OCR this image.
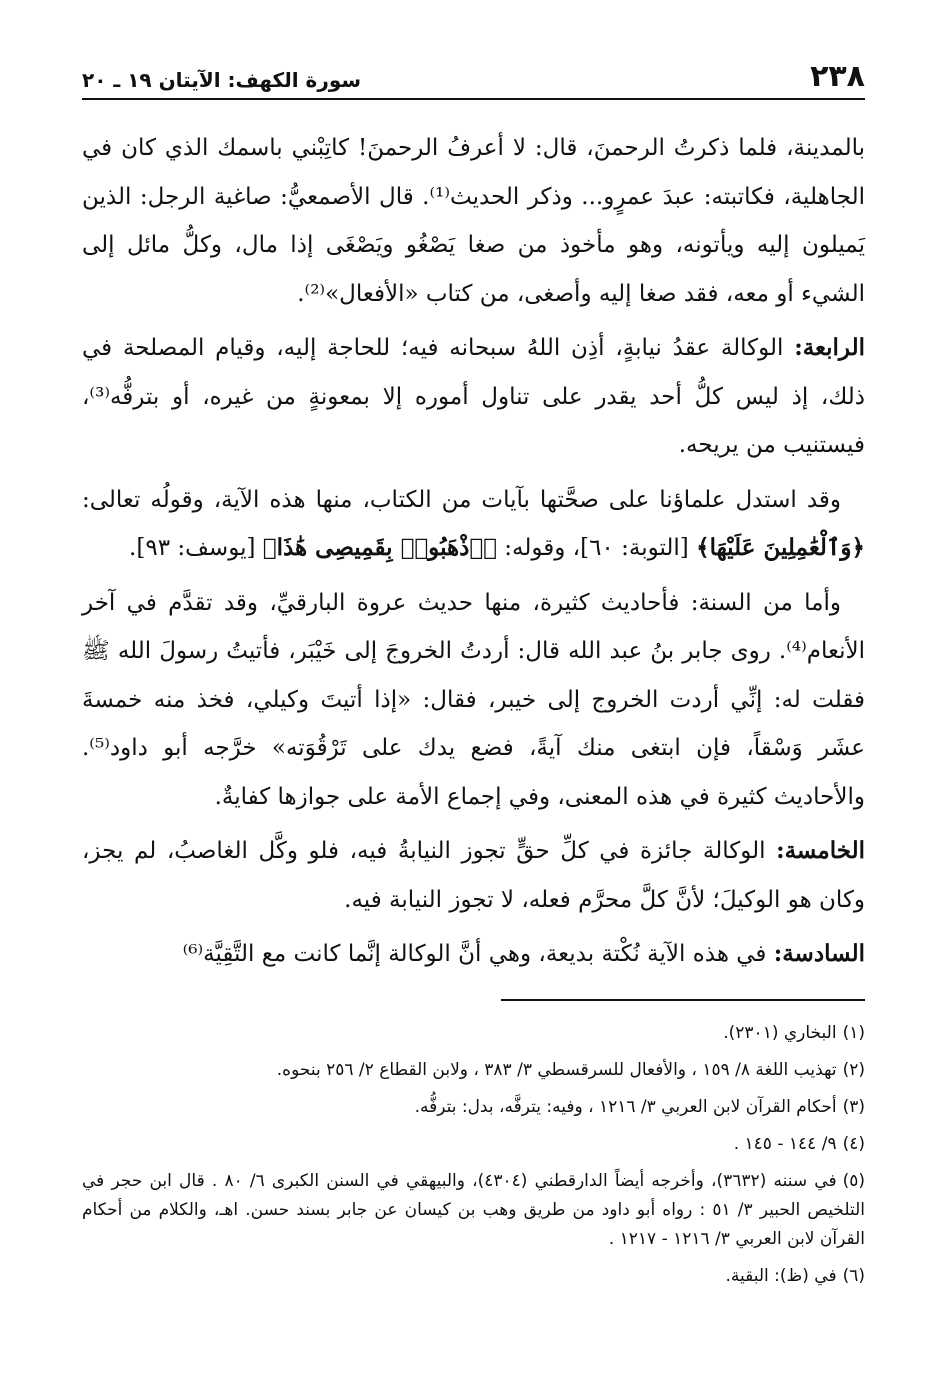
٢٣٨
سورة الكهف: الآيتان ١٩ ـ ٢٠

بالمدينة، فلما ذكرتُ الرحمنَ، قال: لا أعرفُ الرحمنَ! كاتِبْني باسمك الذي كان في الجاهلية، فكاتبته: عبدَ عمرٍو... وذكر الحديث⁽¹⁾. قال الأصمعيُّ: صاغية الرجل: الذين يَميلون إليه ويأتونه، وهو مأخوذ من صغا يَصْغُو ويَصْغَى إذا مال، وكلُّ مائل إلى الشيء أو معه، فقد صغا إليه وأصغى، من كتاب «الأفعال»⁽²⁾.

الرابعة: الوكالة عقدُ نيابةٍ، أذِن اللهُ سبحانه فيه؛ للحاجة إليه، وقيام المصلحة في ذلك، إذ ليس كلُّ أحد يقدر على تناول أموره إلا بمعونةٍ من غيره، أو بترفُّه⁽³⁾، فيستنيب من يريحه.

وقد استدل علماؤنا على صحَّتها بآيات من الكتاب، منها هذه الآية، وقولُه تعالى: ﴿وَٱلْعَٰمِلِينَ عَلَيْهَا﴾ [التوبة: ٦٠]، وقوله: ﴿ٱذْهَبُوا۟ بِقَمِيصِى هَٰذَا﴾ [يوسف: ٩٣].

وأما من السنة: فأحاديث كثيرة، منها حديث عروة البارقيِّ، وقد تقدَّم في آخر الأنعام⁽⁴⁾. روى جابر بنُ عبد الله قال: أردتُ الخروجَ إلى خَيْبَر، فأتيتُ رسولَ الله ﷺ فقلت له: إنِّي أردت الخروج إلى خيبر، فقال: «إذا أتيتَ وكيلي، فخذ منه خمسةَ عشَر وَسْقاً، فإن ابتغى منك آيةً، فضع يدك على تَرْقُوَته» خرَّجه أبو داود⁽⁵⁾. والأحاديث كثيرة في هذه المعنى، وفي إجماع الأمة على جوازها كفايةٌ.

الخامسة: الوكالة جائزة في كلِّ حقٍّ تجوز النيابةُ فيه، فلو وكَّل الغاصبُ، لم يجز، وكان هو الوكيلَ؛ لأنَّ كلَّ محرَّم فعله، لا تجوز النيابة فيه.

السادسة: في هذه الآية نُكْتة بديعة، وهي أنَّ الوكالة إنَّما كانت مع التَّقِيَّة⁽⁶⁾

(١)البخاري (٢٣٠١).

(٢)تهذيب اللغة ٨/ ١٥٩ ، والأفعال للسرقسطي ٣/ ٣٨٣ ، ولابن القطاع ٢/ ٢٥٦ بنحوه.

(٣)أحكام القرآن لابن العربي ٣/ ١٢١٦ ، وفيه: يترفَّه، بدل: بترفُّه.

(٤)٩/ ١٤٤ - ١٤٥ .

(٥)في سننه (٣٦٣٢)، وأخرجه أيضاً الدارقطني (٤٣٠٤)، والبيهقي في السنن الكبرى ٦/ ٨٠ . قال ابن حجر في التلخيص الحبير ٣/ ٥١ : رواه أبو داود من طريق وهب بن كيسان عن جابر بسند حسن. اهـ، والكلام من أحكام القرآن لابن العربي ٣/ ١٢١٦ - ١٢١٧ .

(٦)في (ظ): البقية.
